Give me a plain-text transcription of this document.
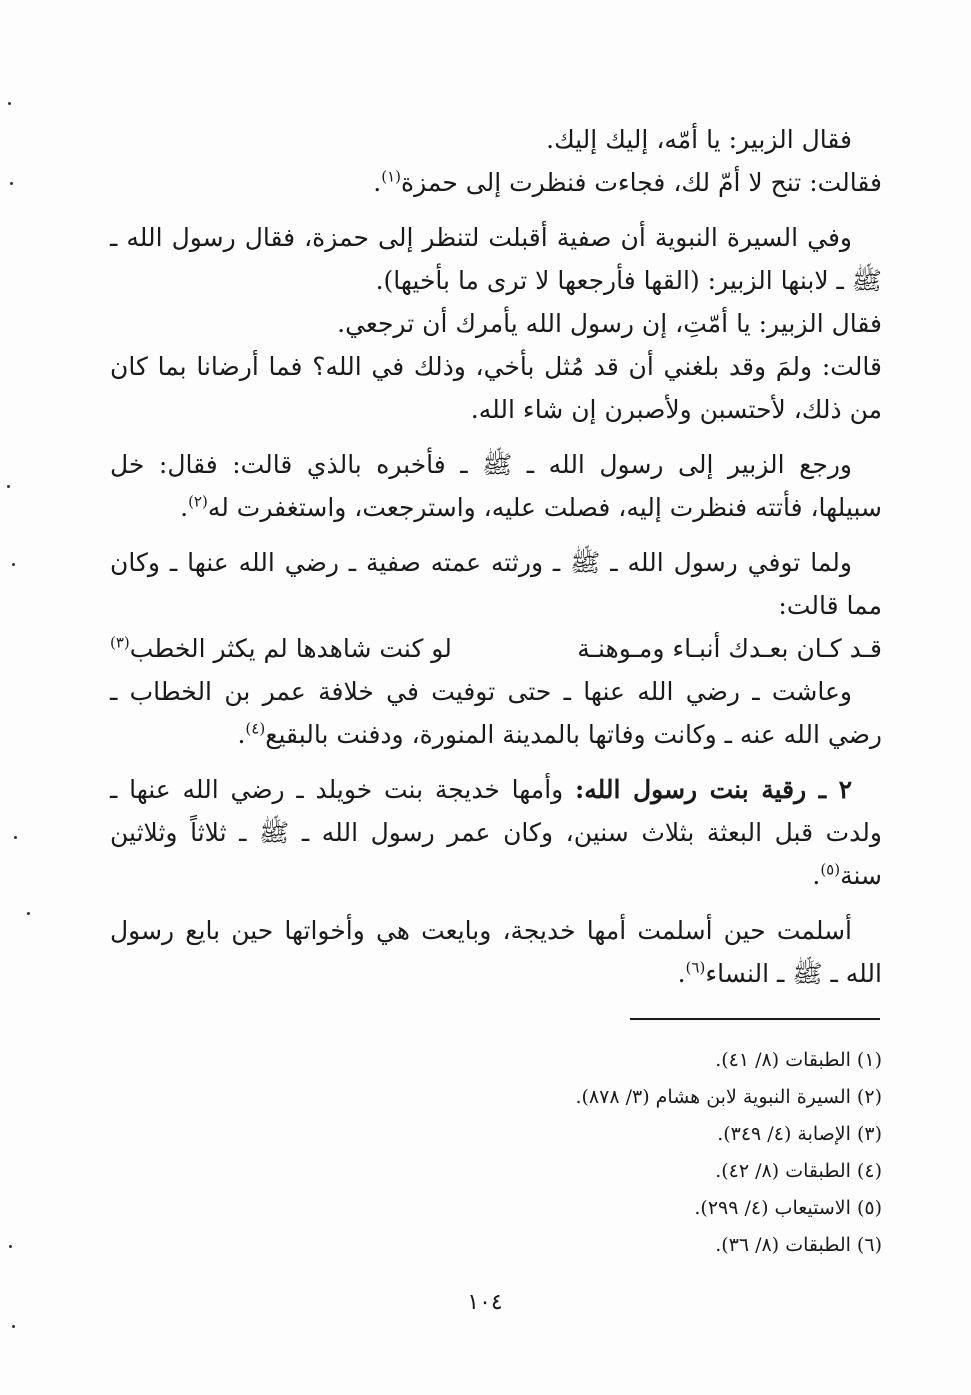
فقال الزبير: يا أمّه، إليك إليك.

فقالت: تنح لا أمّ لك، فجاءت فنظرت إلى حمزة$^{(١)}$.

وفي السيرة النبوية أن صفية أقبلت لتنظر إلى حمزة، فقال رسول الله ـ ﷺ ـ لابنها الزبير: (القها فأرجعها لا ترى ما بأخيها).

فقال الزبير: يا أمّتِ، إن رسول الله يأمرك أن ترجعي.

قالت: ولمَ وقد بلغني أن قد مُثل بأخي، وذلك في الله؟ فما أرضانا بما كان من ذلك، لأحتسبن ولأصبرن إن شاء الله.

ورجع الزبير إلى رسول الله ـ ﷺ ـ فأخبره بالذي قالت: فقال: خل سبيلها، فأتته فنظرت إليه، فصلت عليه، واسترجعت، واستغفرت له$^{(٢)}$.

ولما توفي رسول الله ـ ﷺ ـ ورثته عمته صفية ـ رضي الله عنها ـ وكان مما قالت:

قـد كـان بعـدك أنبـاء ومـوهنـة
لو كنت شاهدها لم يكثر الخطب$^{(٣)}$

وعاشت ـ رضي الله عنها ـ حتى توفيت في خلافة عمر بن الخطاب ـ رضي الله عنه ـ وكانت وفاتها بالمدينة المنورة، ودفنت بالبقيع$^{(٤)}$.

٢ ـ رقية بنت رسول الله: وأمها خديجة بنت خويلد ـ رضي الله عنها ـ ولدت قبل البعثة بثلاث سنين، وكان عمر رسول الله ـ ﷺ ـ ثلاثاً وثلاثين سنة$^{(٥)}$.

أسلمت حين أسلمت أمها خديجة، وبايعت هي وأخواتها حين بايع رسول الله ـ ﷺ ـ النساء$^{(٦)}$.

(١) الطبقات (٨/ ٤١).

(٢) السيرة النبوية لابن هشام (٣/ ٨٧٨).

(٣) الإصابة (٤/ ٣٤٩).

(٤) الطبقات (٨/ ٤٢).

(٥) الاستيعاب (٤/ ٢٩٩).

(٦) الطبقات (٨/ ٣٦).

١٠٤
